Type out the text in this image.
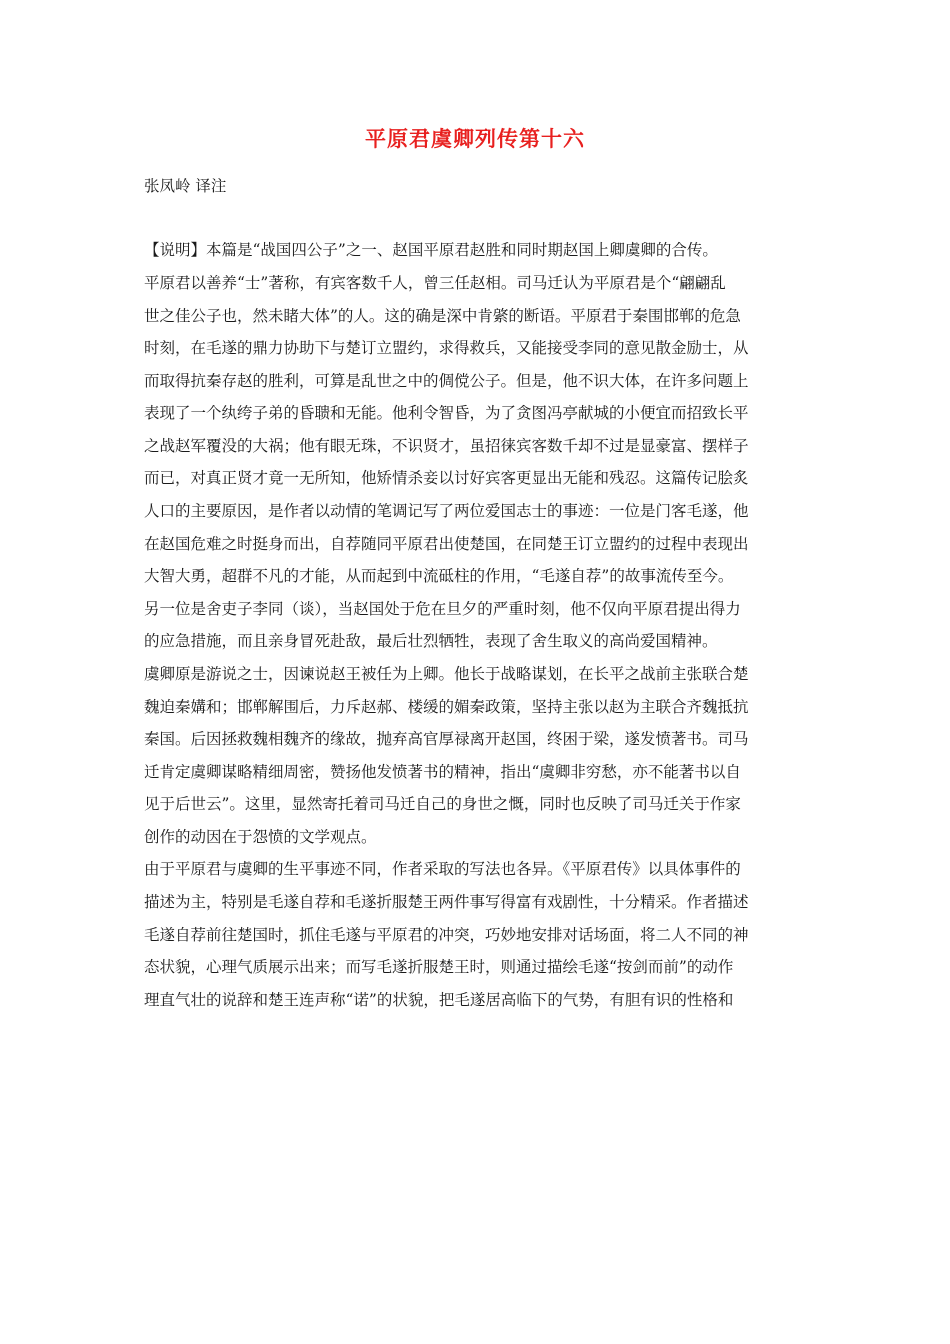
平原君虞卿列传第十六
张凤岭 译注
【说明】本篇是“战国四公子”之一、赵国平原君赵胜和同时期赵国上卿虞卿的合传。
平原君以善养“士”著称，有宾客数千人，曾三任赵相。司马迁认为平原君是个“翩翩乱
世之佳公子也，然未睹大体”的人。这的确是深中肯綮的断语。平原君于秦围邯郸的危急
时刻，在毛遂的鼎力协助下与楚订立盟约，求得救兵，又能接受李同的意见散金励士，从
而取得抗秦存赵的胜利，可算是乱世之中的倜傥公子。但是，他不识大体，在许多问题上
表现了一个纨绔子弟的昏聩和无能。他利令智昏，为了贪图冯亭献城的小便宜而招致长平
之战赵军覆没的大祸；他有眼无珠，不识贤才，虽招徕宾客数千却不过是显豪富、摆样子
而已，对真正贤才竟一无所知，他矫情杀妾以讨好宾客更显出无能和残忍。这篇传记脍炙
人口的主要原因，是作者以动情的笔调记写了两位爱国志士的事迹：一位是门客毛遂，他
在赵国危难之时挺身而出，自荐随同平原君出使楚国，在同楚王订立盟约的过程中表现出
大智大勇，超群不凡的才能，从而起到中流砥柱的作用，“毛遂自荐”的故事流传至今。
另一位是舍吏子李同（谈），当赵国处于危在旦夕的严重时刻，他不仅向平原君提出得力
的应急措施，而且亲身冒死赴敌，最后壮烈牺牲，表现了舍生取义的高尚爱国精神。
虞卿原是游说之士，因谏说赵王被任为上卿。他长于战略谋划，在长平之战前主张联合楚
魏迫秦媾和；邯郸解围后，力斥赵郝、楼缓的媚秦政策，坚持主张以赵为主联合齐魏抵抗
秦国。后因拯救魏相魏齐的缘故，抛弃高官厚禄离开赵国，终困于梁，遂发愤著书。司马
迁肯定虞卿谋略精细周密，赞扬他发愤著书的精神，指出“虞卿非穷愁，亦不能著书以自
见于后世云”。这里，显然寄托着司马迁自己的身世之慨，同时也反映了司马迁关于作家
创作的动因在于怨愤的文学观点。
由于平原君与虞卿的生平事迹不同，作者采取的写法也各异。《平原君传》以具体事件的
描述为主，特别是毛遂自荐和毛遂折服楚王两件事写得富有戏剧性，十分精采。作者描述
毛遂自荐前往楚国时，抓住毛遂与平原君的冲突，巧妙地安排对话场面，将二人不同的神
态状貌，心理气质展示出来；而写毛遂折服楚王时，则通过描绘毛遂“按剑而前”的动作
理直气壮的说辞和楚王连声称“诺”的状貌，把毛遂居高临下的气势，有胆有识的性格和
